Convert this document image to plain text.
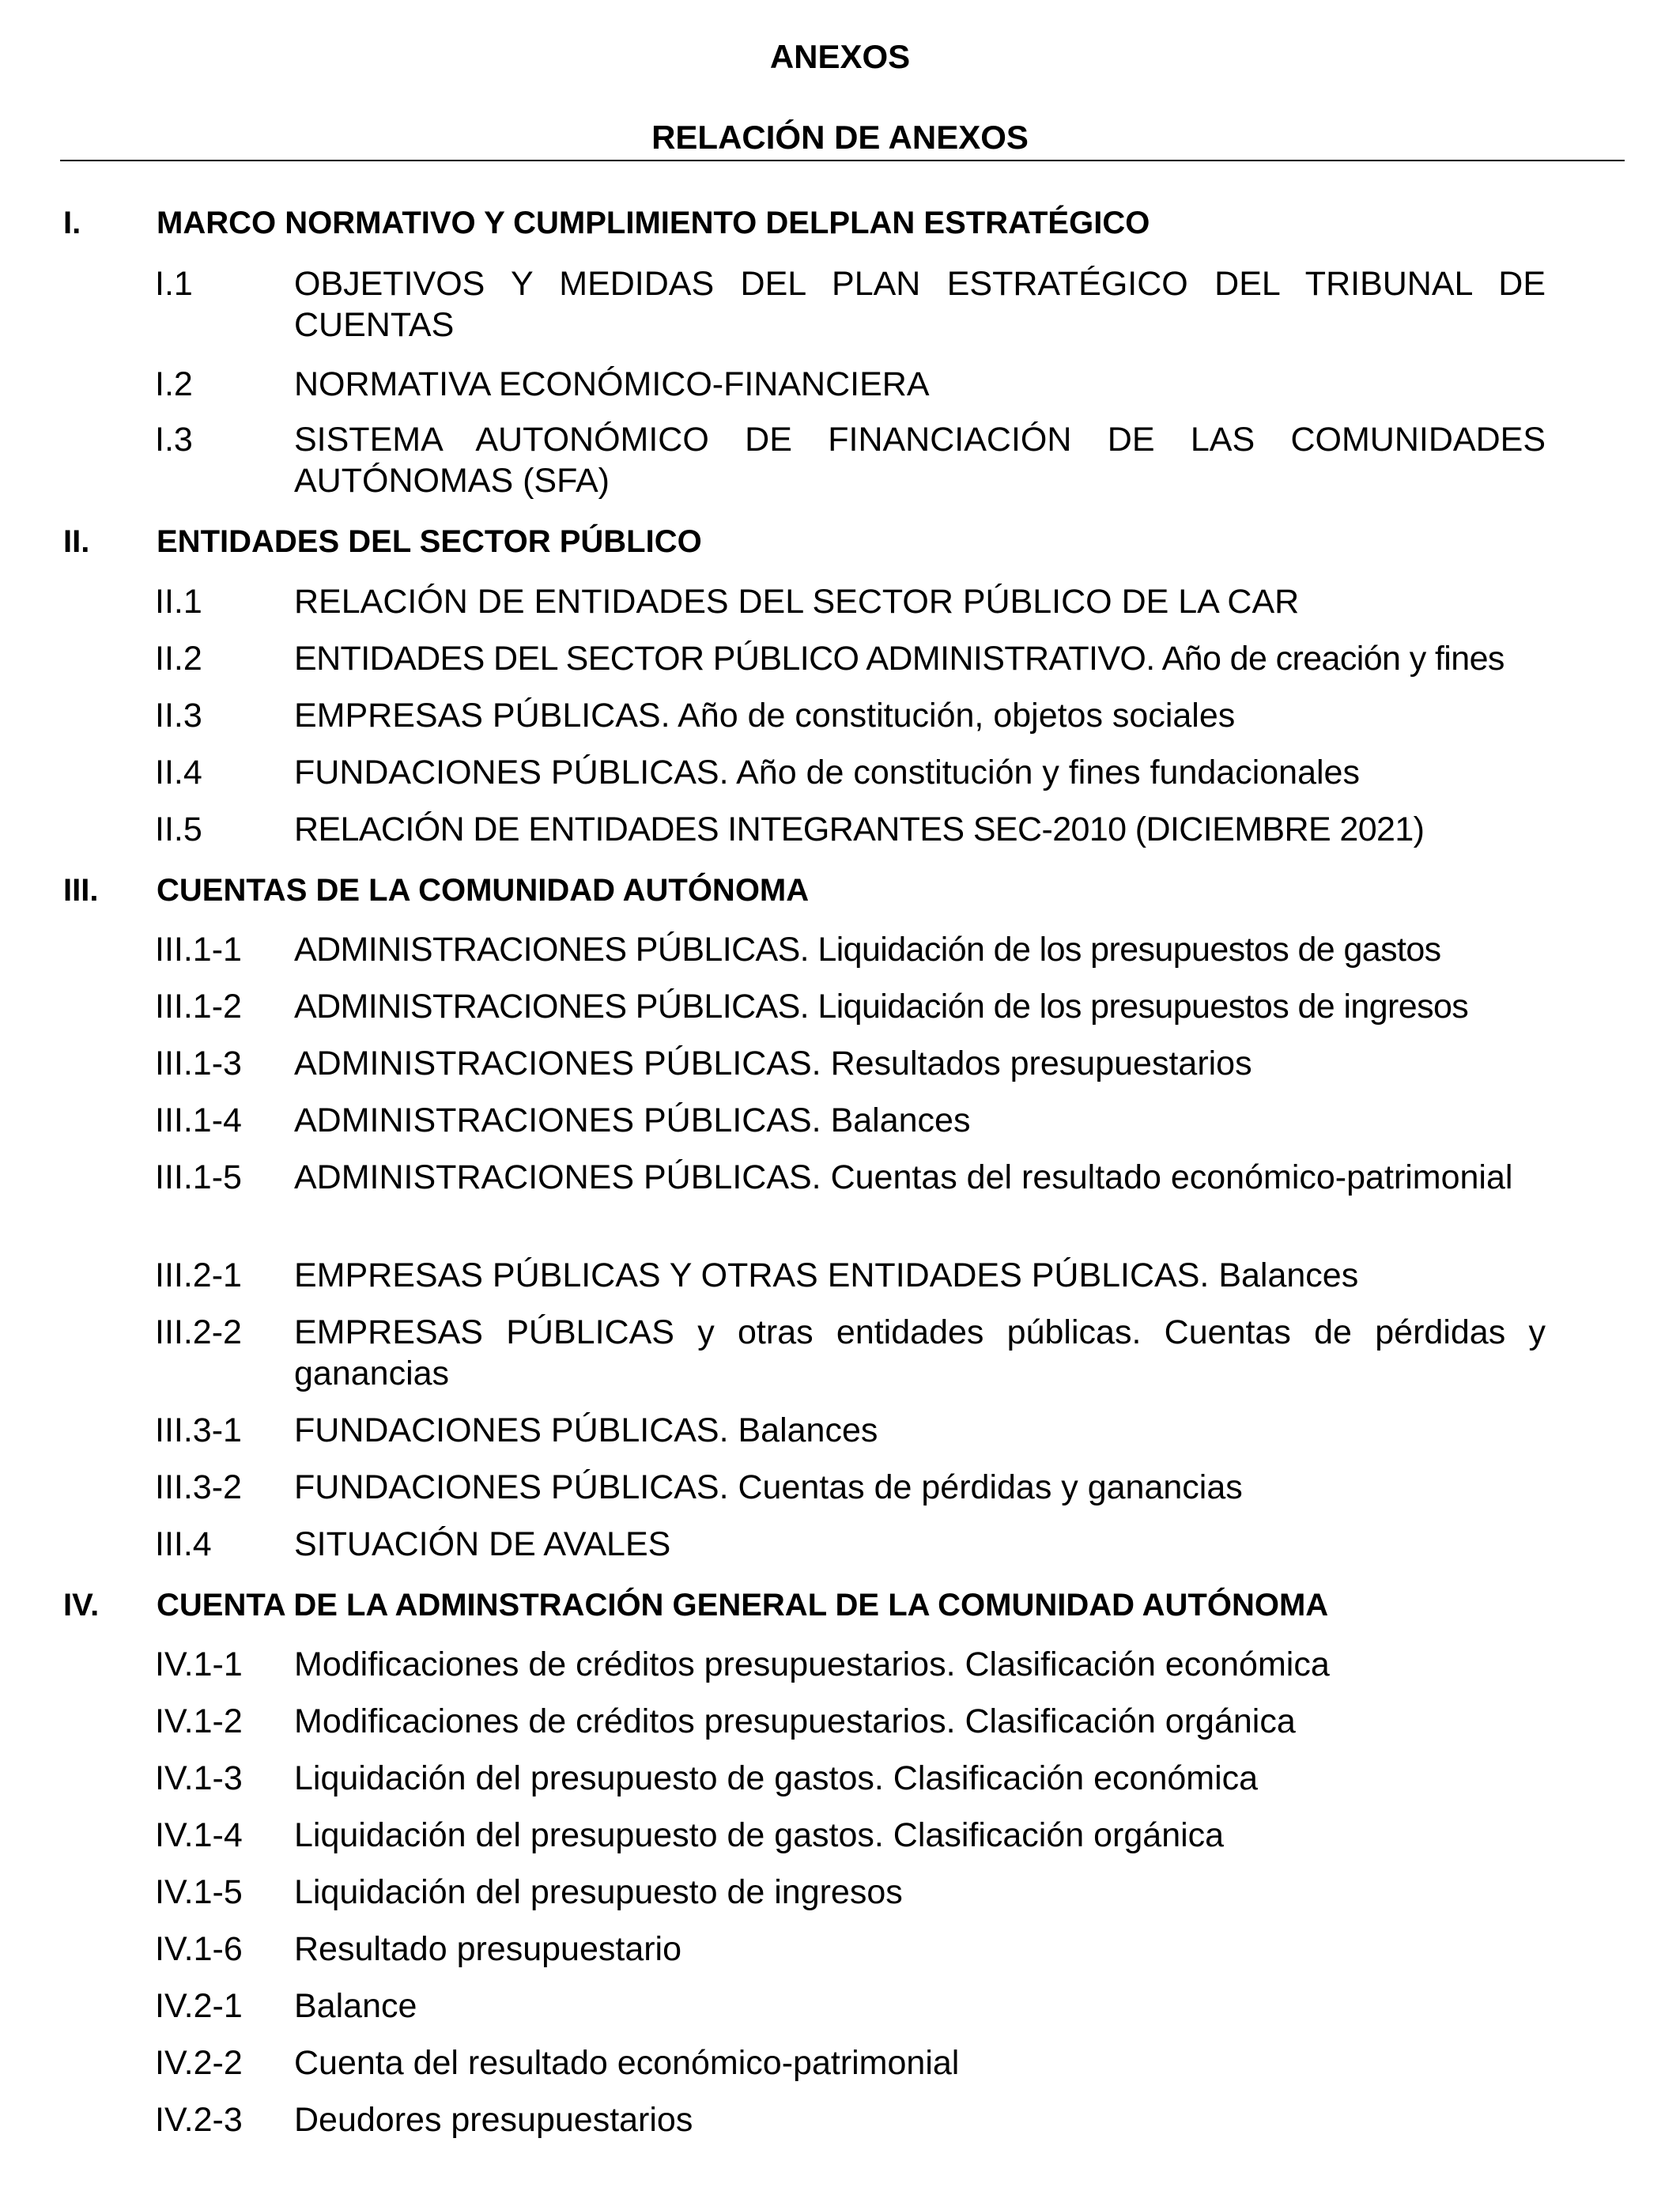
ANEXOS
RELACIÓN DE ANEXOS
I. MARCO NORMATIVO Y CUMPLIMIENTO DELPLAN ESTRATÉGICO
I.1	OBJETIVOS Y MEDIDAS DEL PLAN ESTRATÉGICO DEL TRIBUNAL DE CUENTAS
I.2	NORMATIVA ECONÓMICO-FINANCIERA
I.3	SISTEMA AUTONÓMICO DE FINANCIACIÓN DE LAS COMUNIDADES AUTÓNOMAS (SFA)
II. ENTIDADES DEL SECTOR PÚBLICO
II.1	RELACIÓN DE ENTIDADES DEL SECTOR PÚBLICO DE LA CAR
II.2	ENTIDADES DEL SECTOR PÚBLICO ADMINISTRATIVO. Año de creación y fines
II.3	EMPRESAS PÚBLICAS. Año de constitución, objetos sociales
II.4	FUNDACIONES PÚBLICAS. Año de constitución y fines fundacionales
II.5	RELACIÓN DE ENTIDADES INTEGRANTES SEC-2010 (DICIEMBRE 2021)
III. CUENTAS DE LA COMUNIDAD AUTÓNOMA
III.1-1 ADMINISTRACIONES PÚBLICAS. Liquidación de los presupuestos de gastos
III.1-2 ADMINISTRACIONES PÚBLICAS. Liquidación de los presupuestos de ingresos
III.1-3 ADMINISTRACIONES PÚBLICAS. Resultados presupuestarios
III.1-4 ADMINISTRACIONES PÚBLICAS. Balances
III.1-5 ADMINISTRACIONES PÚBLICAS. Cuentas del resultado económico-patrimonial
III.2-1 EMPRESAS PÚBLICAS Y OTRAS ENTIDADES PÚBLICAS. Balances
III.2-2 EMPRESAS PÚBLICAS y otras entidades públicas. Cuentas de pérdidas y ganancias
III.3-1 FUNDACIONES PÚBLICAS. Balances
III.3-2 FUNDACIONES PÚBLICAS. Cuentas de pérdidas y ganancias
III.4 SITUACIÓN DE AVALES
IV. CUENTA DE LA ADMINSTRACIÓN GENERAL DE LA COMUNIDAD AUTÓNOMA
IV.1-1 Modificaciones de créditos presupuestarios. Clasificación económica
IV.1-2 Modificaciones de créditos presupuestarios. Clasificación orgánica
IV.1-3 Liquidación del presupuesto de gastos. Clasificación económica
IV.1-4 Liquidación del presupuesto de gastos. Clasificación orgánica
IV.1-5 Liquidación del presupuesto de ingresos
IV.1-6 Resultado presupuestario
IV.2-1 Balance
IV.2-2 Cuenta del resultado económico-patrimonial
IV.2-3 Deudores presupuestarios
